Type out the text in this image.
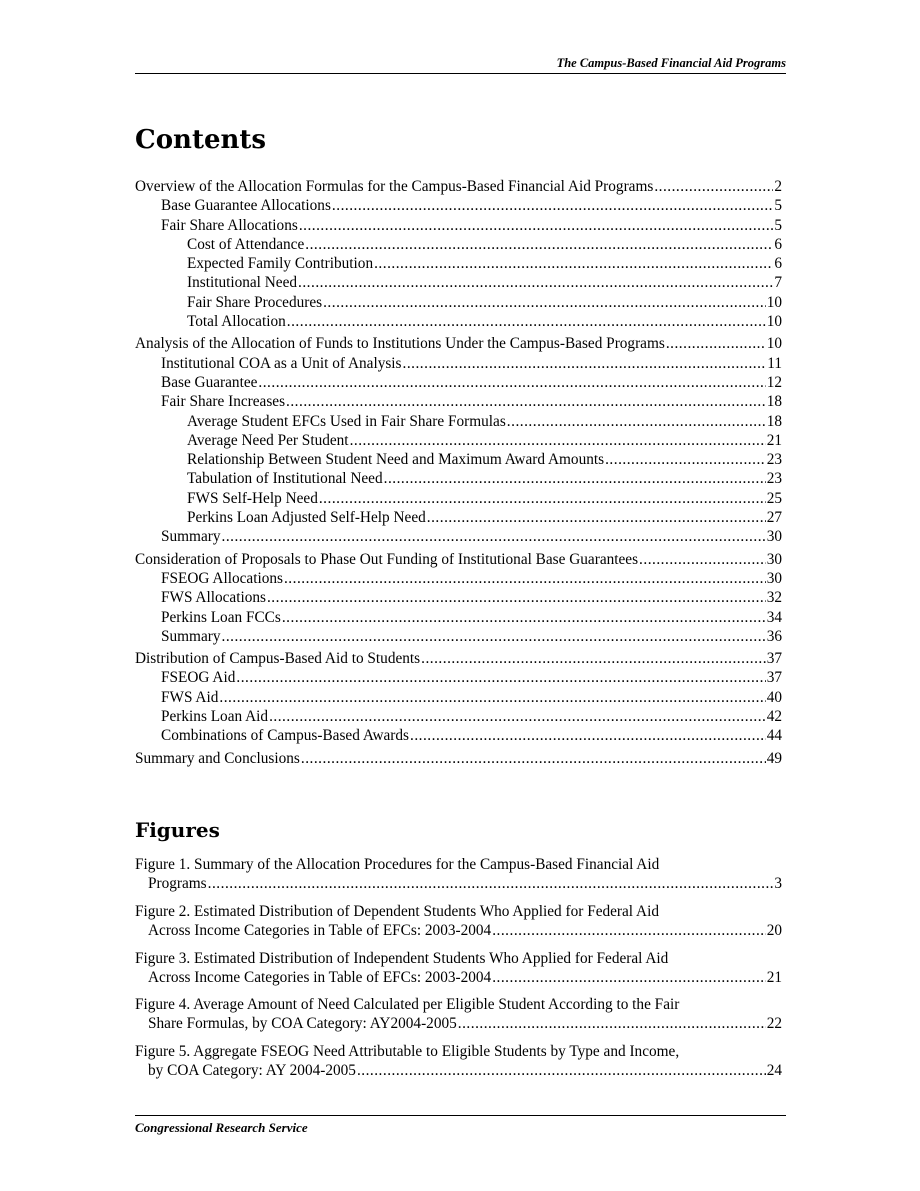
The Campus-Based Financial Aid Programs
Contents
Overview of the Allocation Formulas for the Campus-Based Financial Aid Programs .....	2
Base Guarantee Allocations .....	5
Fair Share Allocations .....	5
Cost of Attendance .....	6
Expected Family Contribution .....	6
Institutional Need .....	7
Fair Share Procedures .....	10
Total Allocation .....	10
Analysis of the Allocation of Funds to Institutions Under the Campus-Based Programs .....	10
Institutional COA as a Unit of Analysis .....	11
Base Guarantee .....	12
Fair Share Increases .....	18
Average Student EFCs Used in Fair Share Formulas .....	18
Average Need Per Student .....	21
Relationship Between Student Need and Maximum Award Amounts .....	23
Tabulation of Institutional Need .....	23
FWS Self-Help Need .....	25
Perkins Loan Adjusted Self-Help Need .....	27
Summary .....	30
Consideration of Proposals to Phase Out Funding of Institutional Base Guarantees .....	30
FSEOG Allocations .....	30
FWS Allocations .....	32
Perkins Loan FCCs .....	34
Summary .....	36
Distribution of Campus-Based Aid to Students .....	37
FSEOG Aid .....	37
FWS Aid .....	40
Perkins Loan Aid .....	42
Combinations of Campus-Based Awards .....	44
Summary and Conclusions .....	49
Figures
Figure 1. Summary of the Allocation Procedures for the Campus-Based Financial Aid
Programs .....	3
Figure 2. Estimated Distribution of Dependent Students Who Applied for Federal Aid
Across Income Categories in Table of EFCs: 2003-2004 .....	20
Figure 3. Estimated Distribution of Independent Students Who Applied for Federal Aid
Across Income Categories in Table of EFCs: 2003-2004 .....	21
Figure 4. Average Amount of Need Calculated per Eligible Student According to the Fair
Share Formulas, by COA Category: AY2004-2005 .....	22
Figure 5. Aggregate FSEOG Need Attributable to Eligible Students by Type and Income,
by COA Category: AY 2004-2005 .....	24
Congressional Research Service
